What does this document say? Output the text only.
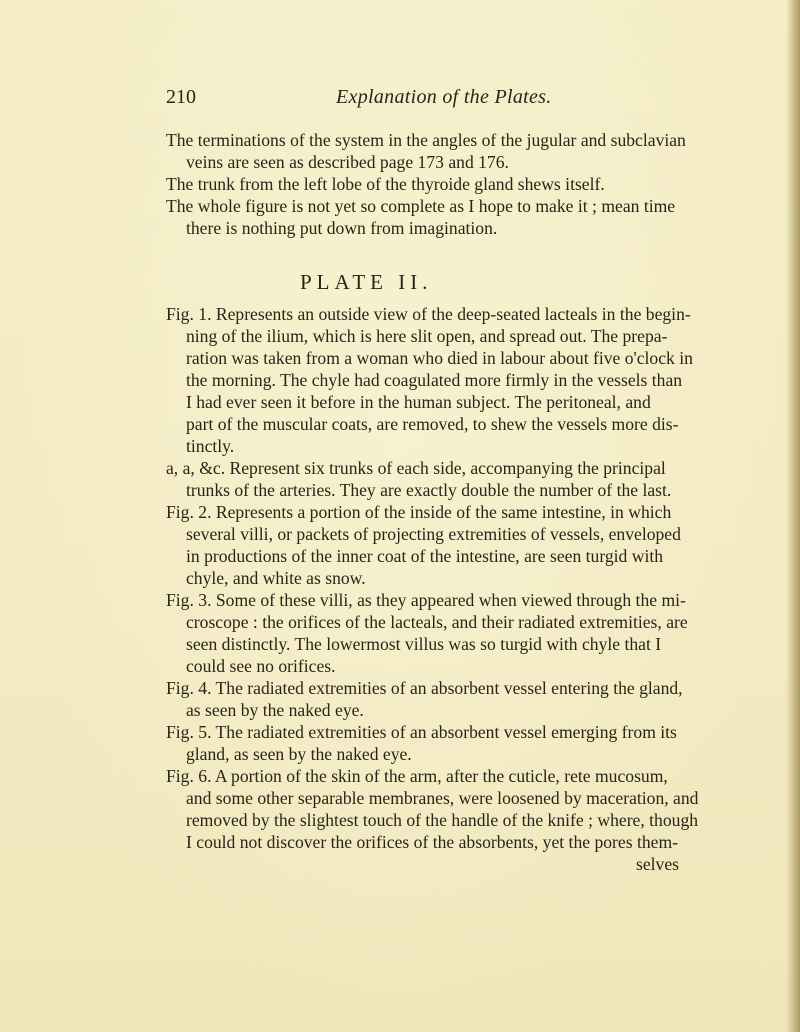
210	Explanation of the Plates.
The terminations of the system in the angles of the jugular and subclavian
veins are seen as described page 173 and 176.
The trunk from the left lobe of the thyroide gland shews itself.
The whole figure is not yet so complete as I hope to make it ; mean time
there is nothing put down from imagination.
PLATE II.
Fig. 1. Represents an outside view of the deep-seated lacteals in the begin-
ning of the ilium, which is here slit open, and spread out. The prepa-
ration was taken from a woman who died in labour about five o'clock in
the morning. The chyle had coagulated more firmly in the vessels than
I had ever seen it before in the human subject. The peritoneal, and
part of the muscular coats, are removed, to shew the vessels more dis-
tinctly.
a, a, &c. Represent six trunks of each side, accompanying the principal
trunks of the arteries. They are exactly double the number of the last.
Fig. 2. Represents a portion of the inside of the same intestine, in which
several villi, or packets of projecting extremities of vessels, enveloped
in productions of the inner coat of the intestine, are seen turgid with
chyle, and white as snow.
Fig. 3. Some of these villi, as they appeared when viewed through the mi-
croscope : the orifices of the lacteals, and their radiated extremities, are
seen distinctly. The lowermost villus was so turgid with chyle that I
could see no orifices.
Fig. 4. The radiated extremities of an absorbent vessel entering the gland,
as seen by the naked eye.
Fig. 5. The radiated extremities of an absorbent vessel emerging from its
gland, as seen by the naked eye.
Fig. 6. A portion of the skin of the arm, after the cuticle, rete mucosum,
and some other separable membranes, were loosened by maceration, and
removed by the slightest touch of the handle of the knife ; where, though
I could not discover the orifices of the absorbents, yet the pores them-
selves
